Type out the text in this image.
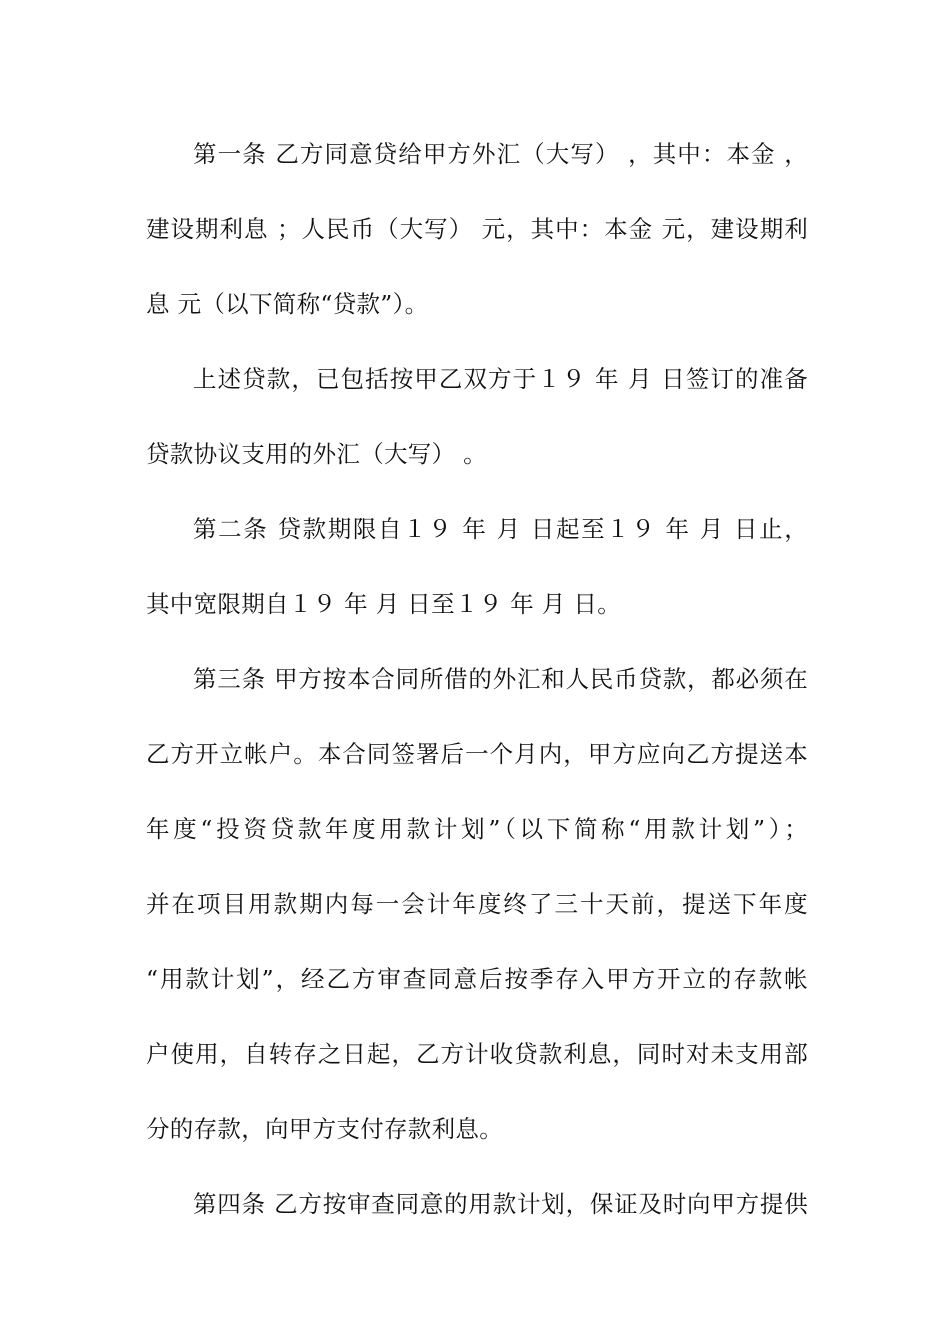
第一条 乙方同意贷给甲方外汇（大写） ，其中：本金 ，
建设期利息 ；人民币（大写） 元，其中：本金 元，建设期利
息 元（以下简称“贷款”）。
上述贷款，已包括按甲乙双方于１９ 年 月 日签订的准备
贷款协议支用的外汇（大写） 。
第二条 贷款期限自１９ 年 月 日起至１９ 年 月 日止，
其中宽限期自１９ 年 月 日至１９ 年 月 日。
第三条 甲方按本合同所借的外汇和人民币贷款，都必须在
乙方开立帐户。本合同签署后一个月内，甲方应向乙方提送本
年度“投资贷款年度用款计划”（以下简称“用款计划”）；
并在项目用款期内每一会计年度终了三十天前，提送下年度
“用款计划”，经乙方审查同意后按季存入甲方开立的存款帐
户使用，自转存之日起，乙方计收贷款利息，同时对未支用部
分的存款，向甲方支付存款利息。
第四条 乙方按审查同意的用款计划，保证及时向甲方提供
